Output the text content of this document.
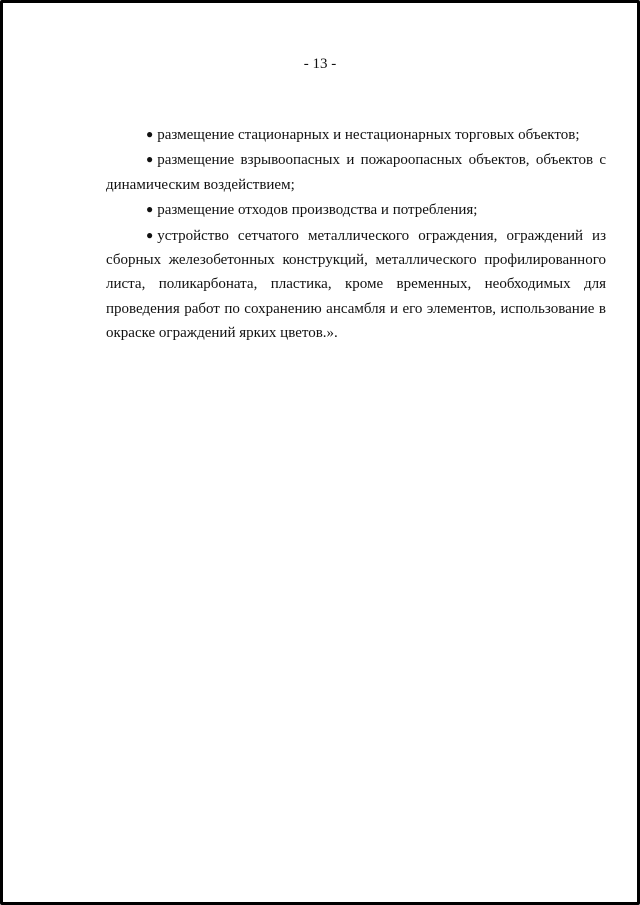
- 13 -

● размещение стационарных и нестационарных торговых объектов;

● размещение взрывоопасных и пожароопасных объектов, объектов с динамическим воздействием;

● размещение отходов производства и потребления;

● устройство сетчатого металлического ограждения, ограждений из сборных железобетонных конструкций, металлического профилированного листа, поликарбоната, пластика, кроме временных, необходимых для проведения работ по сохранению ансамбля и его элементов, использование в окраске ограждений ярких цветов.».
